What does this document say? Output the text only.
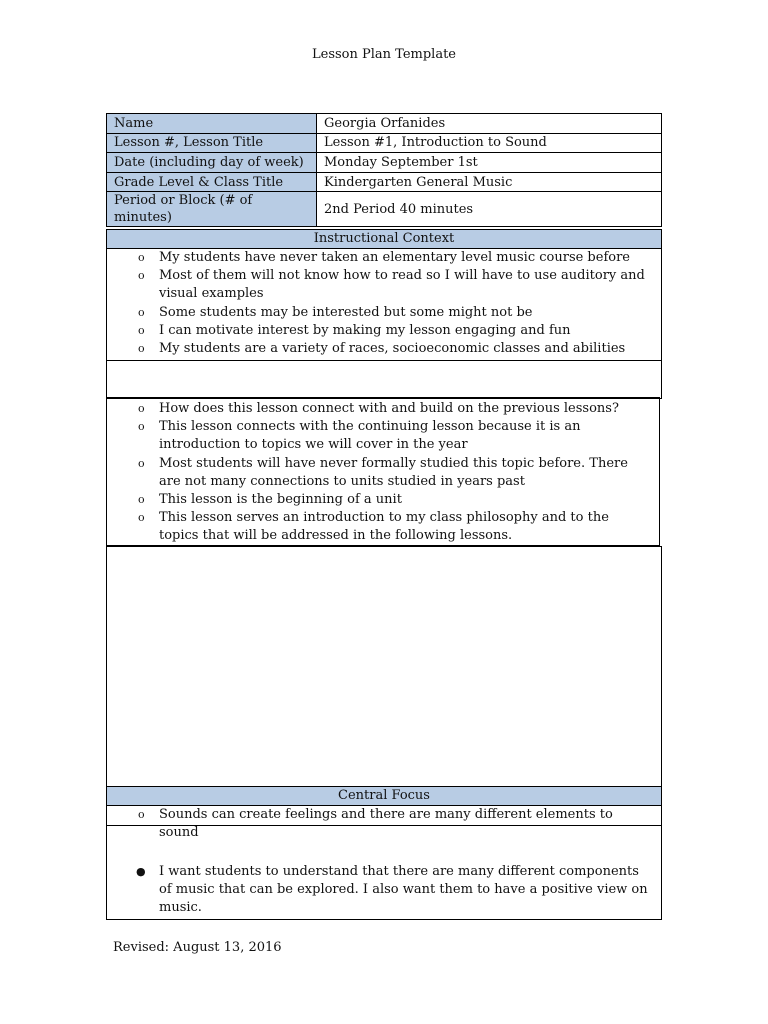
Lesson Plan Template
Name	Georgia Orfanides
Lesson #, Lesson Title	Lesson #1, Introduction to Sound
Date (including day of week)	Monday September 1st
Grade Level & Class Title	Kindergarten General Music
Period or Block (# of minutes)	2nd Period 40 minutes
Instructional Context
o My students have never taken an elementary level music course before
o Most of them will not know how to read so I will have to use auditory and visual examples
o Some students may be interested but some might not be
o I can motivate interest by making my lesson engaging and fun
o My students are a variety of races, socioeconomic classes and abilities
o How does this lesson connect with and build on the previous lessons?
o This lesson connects with the continuing lesson because it is an introduction to topics we will cover in the year
o Most students will have never formally studied this topic before. There are not many connections to units studied in years past
o This lesson is the beginning of a unit
o This lesson serves an introduction to my class philosophy and to the topics that will be addressed in the following lessons.
Central Focus
o Sounds can create feelings and there are many different elements to sound
● I want students to understand that there are many different components of music that can be explored. I also want them to have a positive view on music.
Revised: August 13, 2016
